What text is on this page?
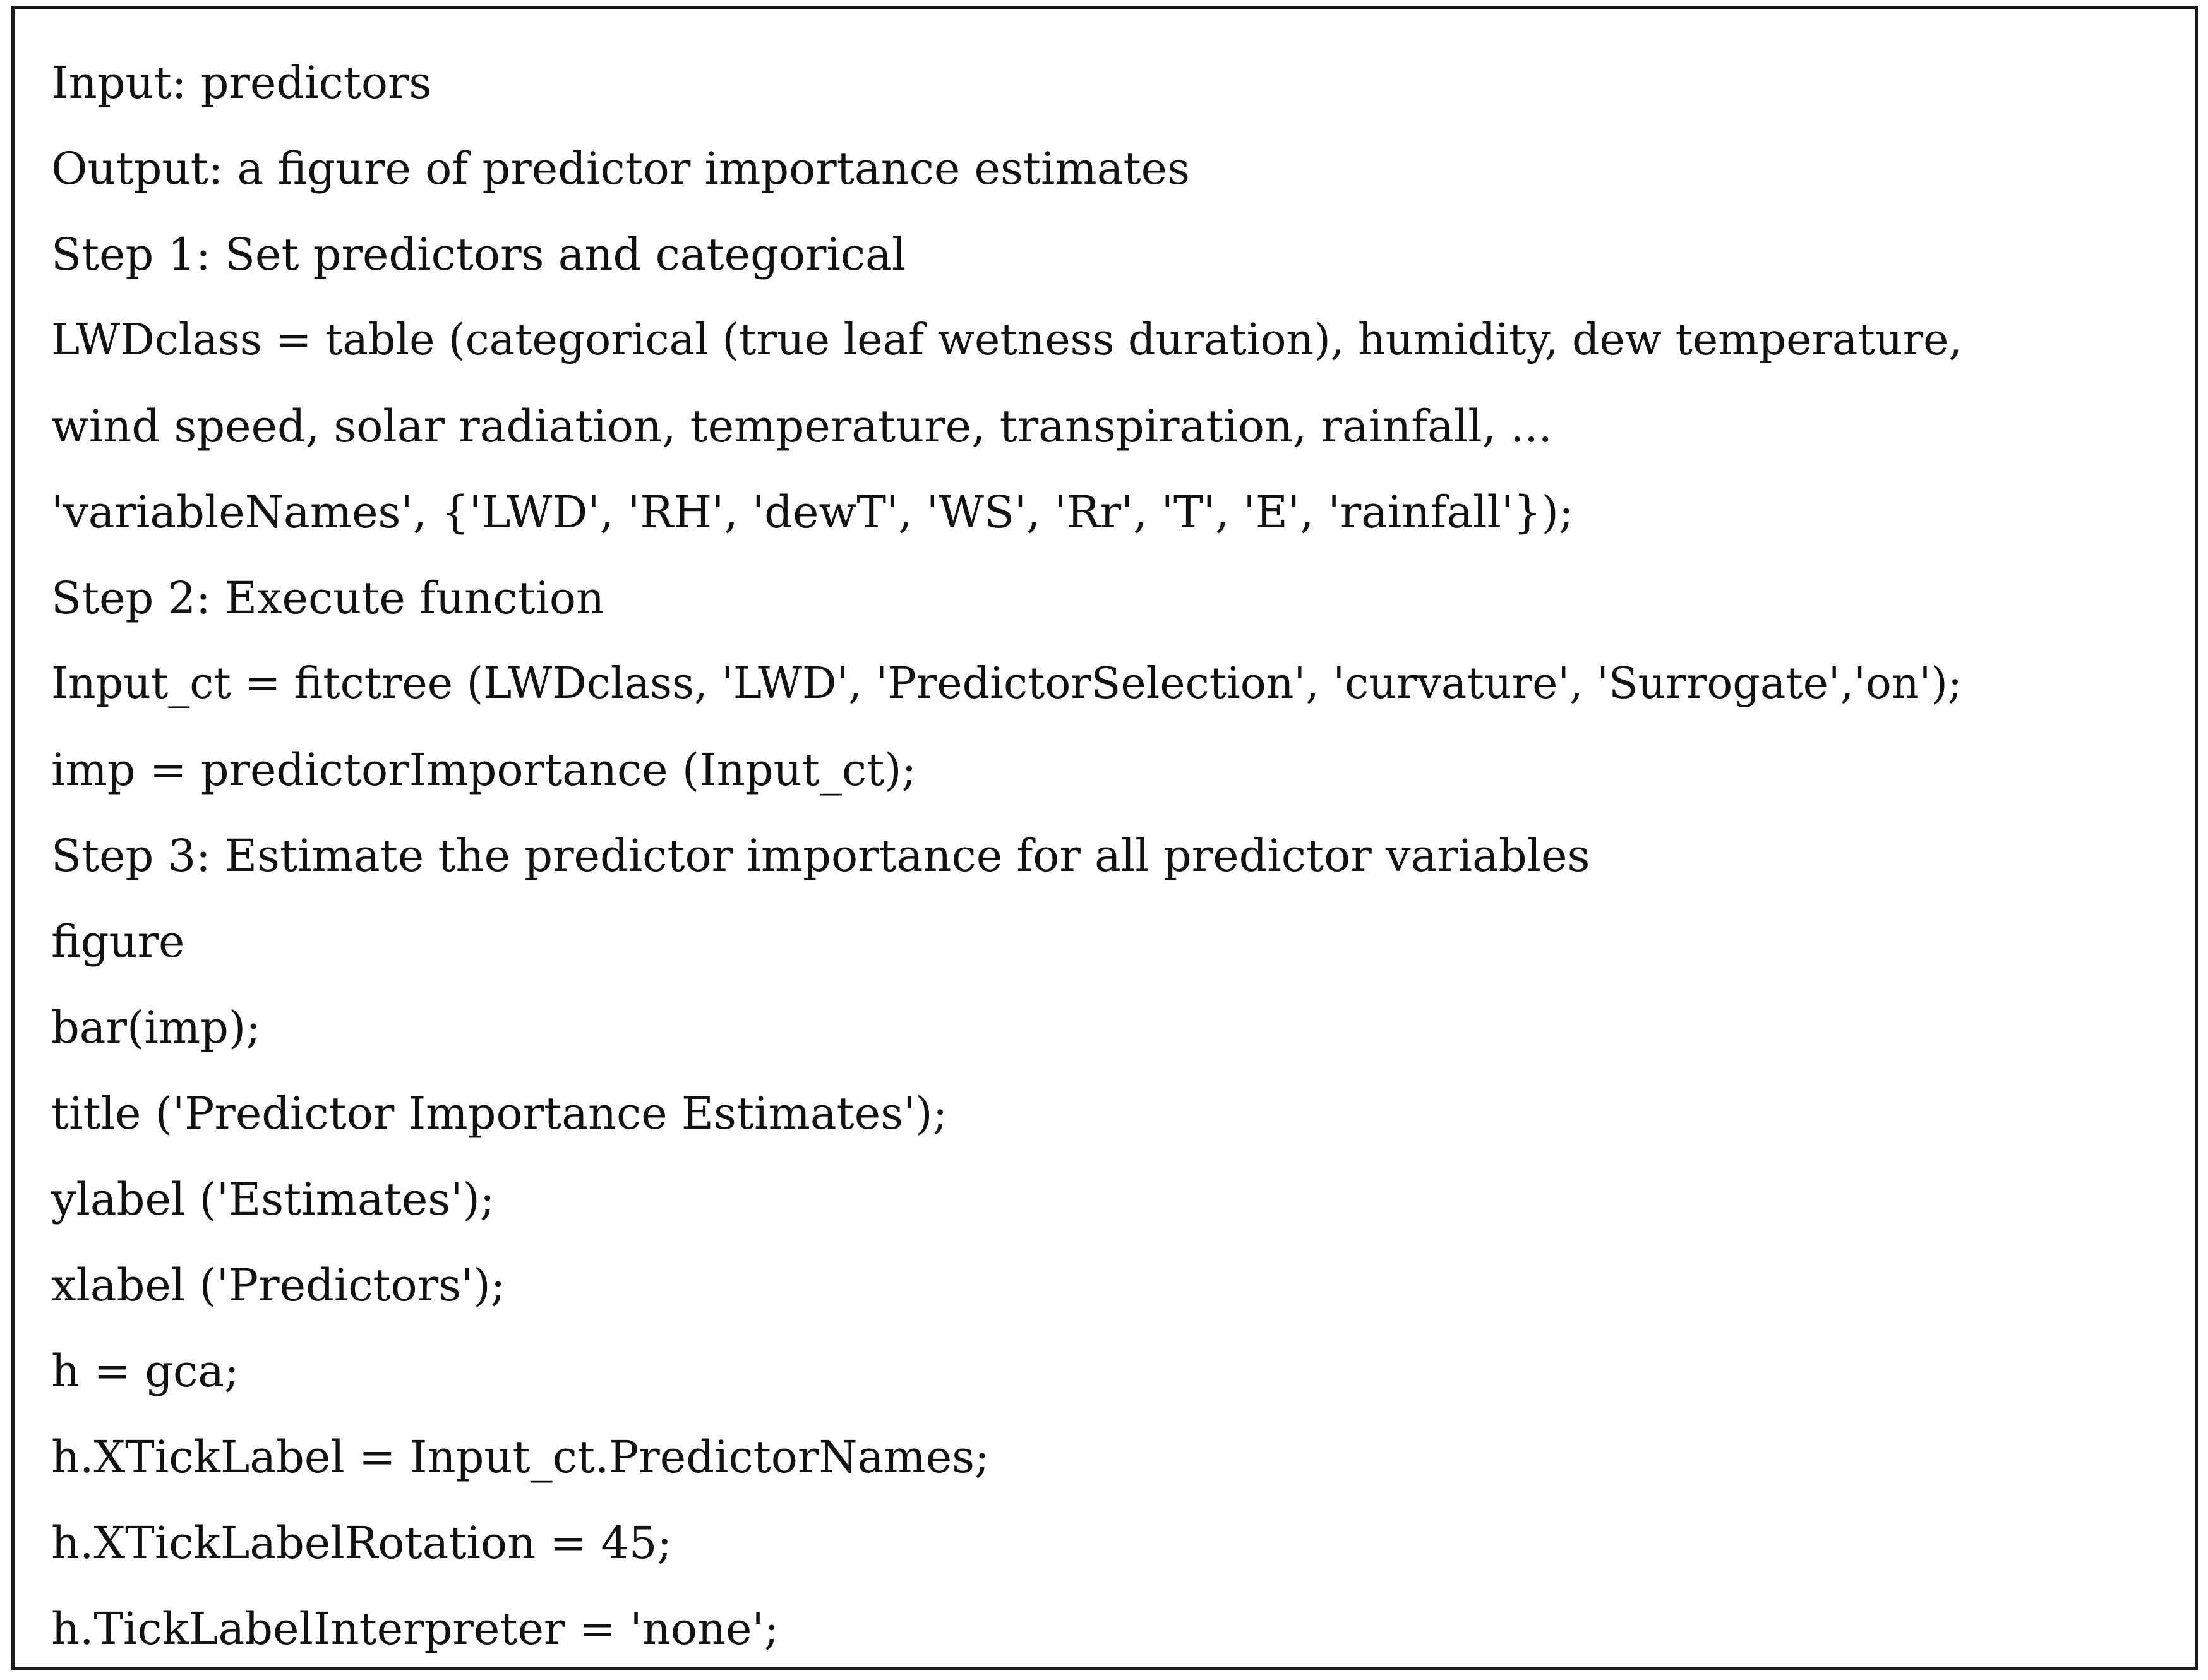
Input: predictors
Output: a figure of predictor importance estimates
Step 1: Set predictors and categorical
LWDclass = table (categorical (true leaf wetness duration), humidity, dew temperature,
wind speed, solar radiation, temperature, transpiration, rainfall, ...
'variableNames', {'LWD', 'RH', 'dewT', 'WS', 'Rr', 'T', 'E', 'rainfall'});
Step 2: Execute function
Input_ct = fitctree (LWDclass, 'LWD', 'PredictorSelection', 'curvature', 'Surrogate','on');
imp = predictorImportance (Input_ct);
Step 3: Estimate the predictor importance for all predictor variables
figure
bar(imp);
title ('Predictor Importance Estimates');
ylabel ('Estimates');
xlabel ('Predictors');
h = gca;
h.XTickLabel = Input_ct.PredictorNames;
h.XTickLabelRotation = 45;
h.TickLabelInterpreter = 'none';
